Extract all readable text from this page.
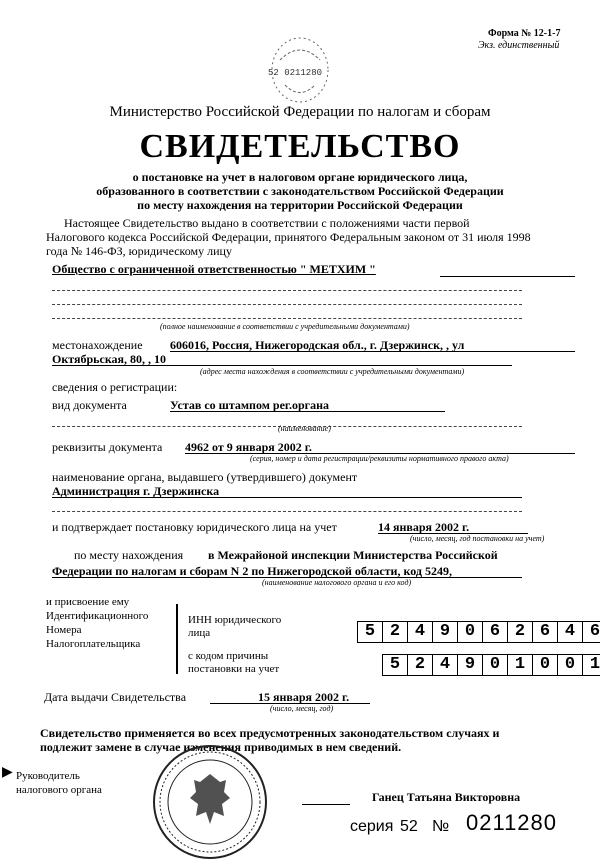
Форма № 12-1-7
Экз. единственный
52 0211280
Министерство Российской Федерации по налогам и сборам
СВИДЕТЕЛЬСТВО
о постановке на учет в налоговом органе юридического лица,
образованного в соответствии с законодательством Российской Федерации
по месту нахождения на территории Российской Федерации
Настоящее Свидетельство выдано в соответствии с положениями части первой
Налогового кодекса Российской Федерации, принятого Федеральным законом от 31 июля 1998
года № 146-ФЗ, юридическому лицу
Общество с ограниченной ответственностью " МЕТХИМ "
(полное наименование в соответствии с учредительными документами)
местонахождение 606016, Россия, Нижегородская обл., г. Дзержинск, , ул
Октябрьская, 80, , 10
(адрес места нахождения в соответствии с учредительными документами)
сведения о регистрации:
вид документа	Устав со штампом рег.органа
(наименование)
реквизиты документа 4962 от 9 января 2002 г.
(серия, номер и дата регистрации/реквизиты нормативного правого акта)
наименование органа, выдавшего (утвердившего) документ
Администрация г. Дзержинска
и подтверждает постановку юридического лица на учет	14 января 2002 г.
(число, месяц, год постановки на учет)
по месту нахождения в Межрайоной инспекции Министерства Российской
Федерации по налогам и сборам N 2 по Нижегородской области, код 5249,
(наименование налогового органа и его код)
и присвоение ему
Идентификационного
Номера
Налогоплательщика
ИНН юридического
лица	5 2 4 9 0 6 2 6 4 6
с кодом причины
постановки на учет	5 2 4 9 0 1 0 0 1
Дата выдачи Свидетельства	15 января 2002 г.
(число, месяц, год)
Свидетельство применяется во всех предусмотренных законодательством случаях и
подлежит замене в случае изменения приводимых в нем сведений.
▶ Руководитель
налогового органа	Ганец Татьяна Викторовна
серия 52 № 0211280
